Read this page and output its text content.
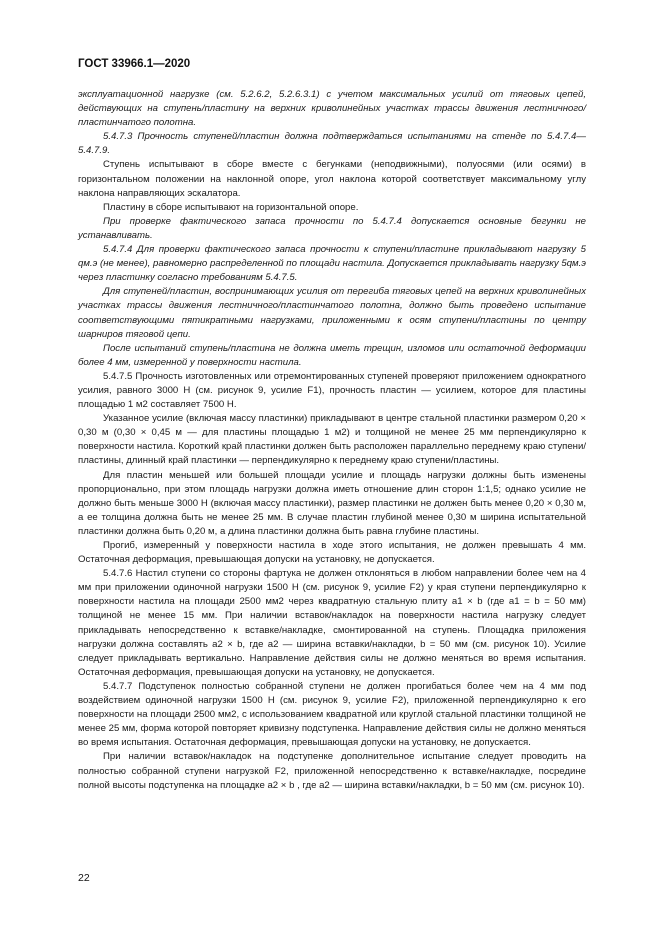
ГОСТ 33966.1—2020

эксплуатационной нагрузке (см. 5.2.6.2, 5.2.6.3.1) с учетом максимальных усилий от тяговых цепей, действующих на ступень/пластину на верхних криволинейных участках трассы движения лестничного/пластинчатого полотна.

5.4.7.3 Прочность ступеней/пластин должна подтверждаться испытаниями на стенде по 5.4.7.4—5.4.7.9.

Ступень испытывают в сборе вместе с бегунками (неподвижными), полуосями (или осями) в горизонтальном положении на наклонной опоре, угол наклона которой соответствует максимальному углу наклона направляющих эскалатора.

Пластину в сборе испытывают на горизонтальной опоре.

При проверке фактического запаса прочности по 5.4.7.4 допускается основные бегунки не устанавливать.

5.4.7.4 Для проверки фактического запаса прочности к ступени/пластине прикладывают нагрузку 5 qм.э (не менее), равномерно распределенной по площади настила. Допускается прикладывать нагрузку 5qм.э через пластинку согласно требованиям 5.4.7.5.

Для ступеней/пластин, воспринимающих усилия от перегиба тяговых цепей на верхних криволинейных участках трассы движения лестничного/пластинчатого полотна, должно быть проведено испытание соответствующими пятикратными нагрузками, приложенными к осям ступени/пластины по центру шарниров тяговой цепи.

После испытаний ступень/пластина не должна иметь трещин, изломов или остаточной деформации более 4 мм, измеренной у поверхности настила.

5.4.7.5 Прочность изготовленных или отремонтированных ступеней проверяют приложением однократного усилия, равного 3000 Н (см. рисунок 9, усилие F1), прочность пластин — усилием, которое для пластины площадью 1 м2 составляет 7500 Н.

Указанное усилие (включая массу пластинки) прикладывают в центре стальной пластинки размером 0,20 × 0,30 м (0,30 × 0,45 м — для пластины площадью 1 м2) и толщиной не менее 25 мм перпендикулярно к поверхности настила. Короткий край пластинки должен быть расположен параллельно переднему краю ступени/пластины, длинный край пластинки — перпендикулярно к переднему краю ступени/пластины.

Для пластин меньшей или большей площади усилие и площадь нагрузки должны быть изменены пропорционально, при этом площадь нагрузки должна иметь отношение длин сторон 1:1,5; однако усилие не должно быть меньше 3000 Н (включая массу пластинки), размер пластинки не должен быть менее 0,20 × 0,30 м, а ее толщина должна быть не менее 25 мм. В случае пластин глубиной менее 0,30 м ширина испытательной пластинки должна быть 0,20 м, а длина пластинки должна быть равна глубине пластины.

Прогиб, измеренный у поверхности настила в ходе этого испытания, не должен превышать 4 мм. Остаточная деформация, превышающая допуски на установку, не допускается.

5.4.7.6 Настил ступени со стороны фартука не должен отклоняться в любом направлении более чем на 4 мм при приложении одиночной нагрузки 1500 Н (см. рисунок 9, усилие F2) у края ступени перпендикулярно к поверхности настила на площади 2500 мм2 через квадратную стальную плиту a1 × b (где a1 = b = 50 мм) толщиной не менее 15 мм. При наличии вставок/накладок на поверхности настила нагрузку следует прикладывать непосредственно к вставке/накладке, смонтированной на ступень. Площадка приложения нагрузки должна составлять a2 × b, где a2 — ширина вставки/накладки, b = 50 мм (см. рисунок 10). Усилие следует прикладывать вертикально. Направление действия силы не должно меняться во время испытания. Остаточная деформация, превышающая допуски на установку, не допускается.

5.4.7.7 Подступенок полностью собранной ступени не должен прогибаться более чем на 4 мм под воздействием одиночной нагрузки 1500 Н (см. рисунок 9, усилие F2), приложенной перпендикулярно к его поверхности на площади 2500 мм2, с использованием квадратной или круглой стальной пластинки толщиной не менее 25 мм, форма которой повторяет кривизну подступенка. Направление действия силы не должно меняться во время испытания. Остаточная деформация, превышающая допуски на установку, не допускается.

При наличии вставок/накладок на подступенке дополнительное испытание следует проводить на полностью собранной ступени нагрузкой F2, приложенной непосредственно к вставке/накладке, посредине полной высоты подступенка на площадке a2 × b , где a2 — ширина вставки/накладки, b = 50 мм (см. рисунок 10).

22
